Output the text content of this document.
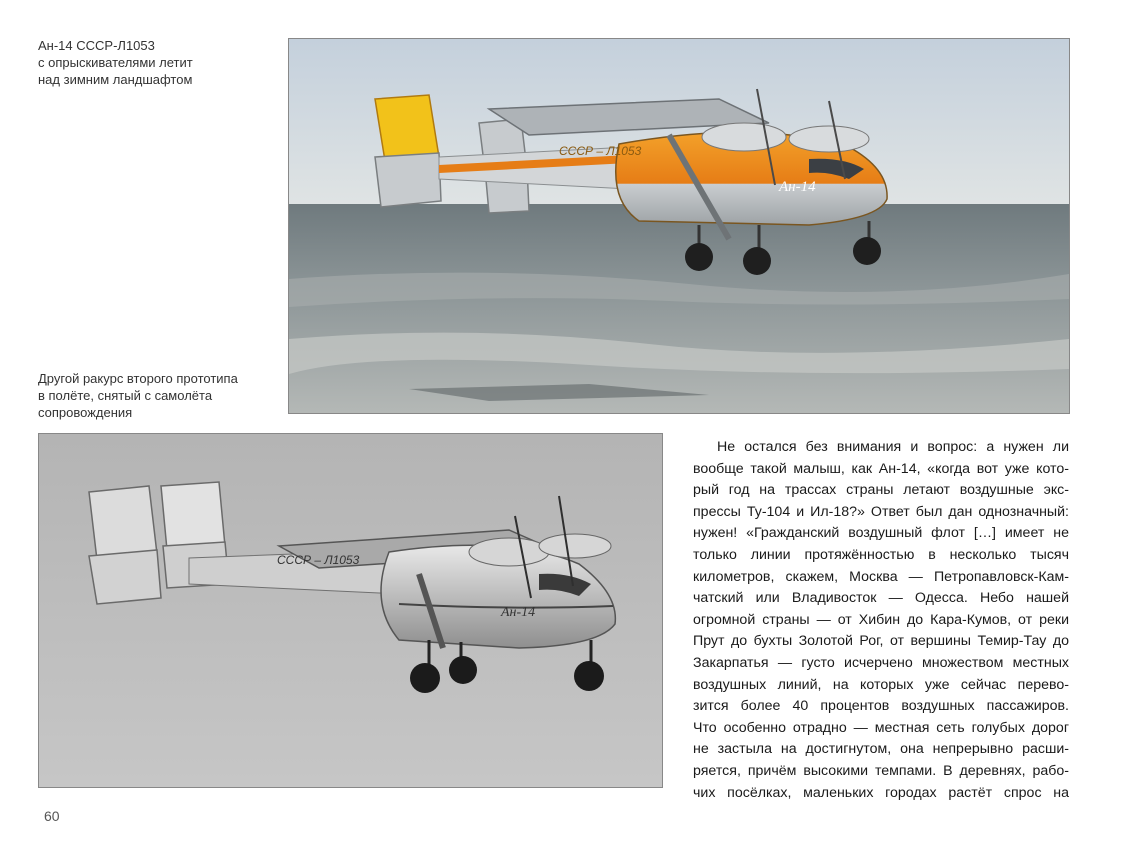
Ан-14 СССР-Л1053
с опрыскивателями летит
над зимним ландшафтом
СССР – Л1053
Ан-14
Другой ракурс второго прототипа
в полёте, снятый с самолёта
сопровождения
СССР – Л1053
Ан-14
Не остался без внимания и вопрос: а нужен ли
вообще такой малыш, как Ан-14, «когда вот уже кото-
рый год на трассах страны летают воздушные экс-
прессы Ту-104 и Ил-18?» Ответ был дан однозначный:
нужен! «Гражданский воздушный флот […] имеет не
только линии протяжённостью в несколько тысяч
километров, скажем, Москва — Петропавловск-Кам-
чатский или Владивосток — Одесса. Небо нашей
огромной страны — от Хибин до Кара-Кумов, от реки
Прут до бухты Золотой Рог, от вершины Темир-Тау до
Закарпатья — густо исчерчено множеством местных
воздушных линий, на которых уже сейчас перево-
зится более 40 процентов воздушных пассажиров.
Что особенно отрадно — местная сеть голубых дорог
не застыла на достигнутом, она непрерывно расши-
ряется, причём высокими темпами. В деревнях, рабо-
чих посёлках, маленьких городах растёт спрос на
60
